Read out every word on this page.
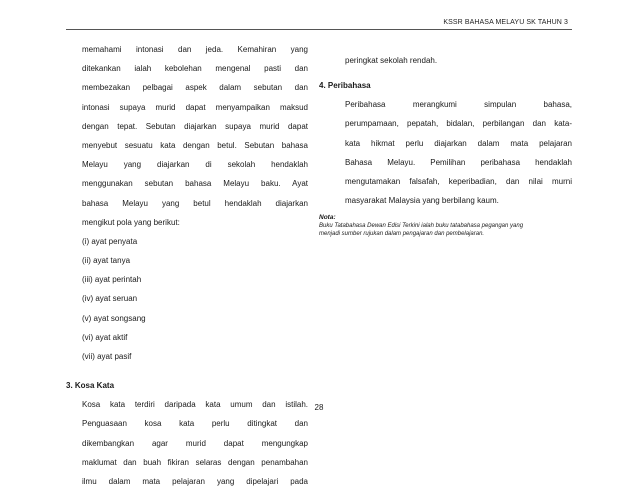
KSSR BAHASA MELAYU SK TAHUN 3
memahami intonasi dan jeda. Kemahiran yang
ditekankan ialah kebolehan mengenal pasti dan
membezakan pelbagai aspek dalam sebutan dan
intonasi supaya murid dapat menyampaikan maksud
dengan tepat. Sebutan diajarkan supaya murid dapat
menyebut sesuatu kata dengan betul. Sebutan bahasa
Melayu yang diajarkan di sekolah hendaklah
menggunakan sebutan bahasa Melayu baku. Ayat
bahasa Melayu yang betul hendaklah diajarkan
mengikut pola yang berikut:
(i) ayat penyata
(ii) ayat tanya
(iii) ayat perintah
(iv) ayat seruan
(v) ayat songsang
(vi) ayat aktif
(vii) ayat pasif
3. Kosa Kata
Kosa kata terdiri daripada kata umum dan istilah.
Penguasaan kosa kata perlu ditingkat dan
dikembangkan agar murid dapat mengungkap
maklumat dan buah fikiran selaras dengan penambahan
ilmu dalam mata pelajaran yang dipelajari pada
peringkat sekolah rendah.
4. Peribahasa
Peribahasa merangkumi simpulan bahasa,
perumpamaan, pepatah, bidalan, perbilangan dan kata-
kata hikmat perlu diajarkan dalam mata pelajaran
Bahasa Melayu. Pemilihan peribahasa hendaklah
mengutamakan falsafah, keperibadian, dan nilai murni
masyarakat Malaysia yang berbilang kaum.
Nota:
Buku Tatabahasa Dewan Edisi Terkini ialah buku tatabahasa pegangan yang
menjadi sumber rujukan dalam pengajaran dan pembelajaran.
28
